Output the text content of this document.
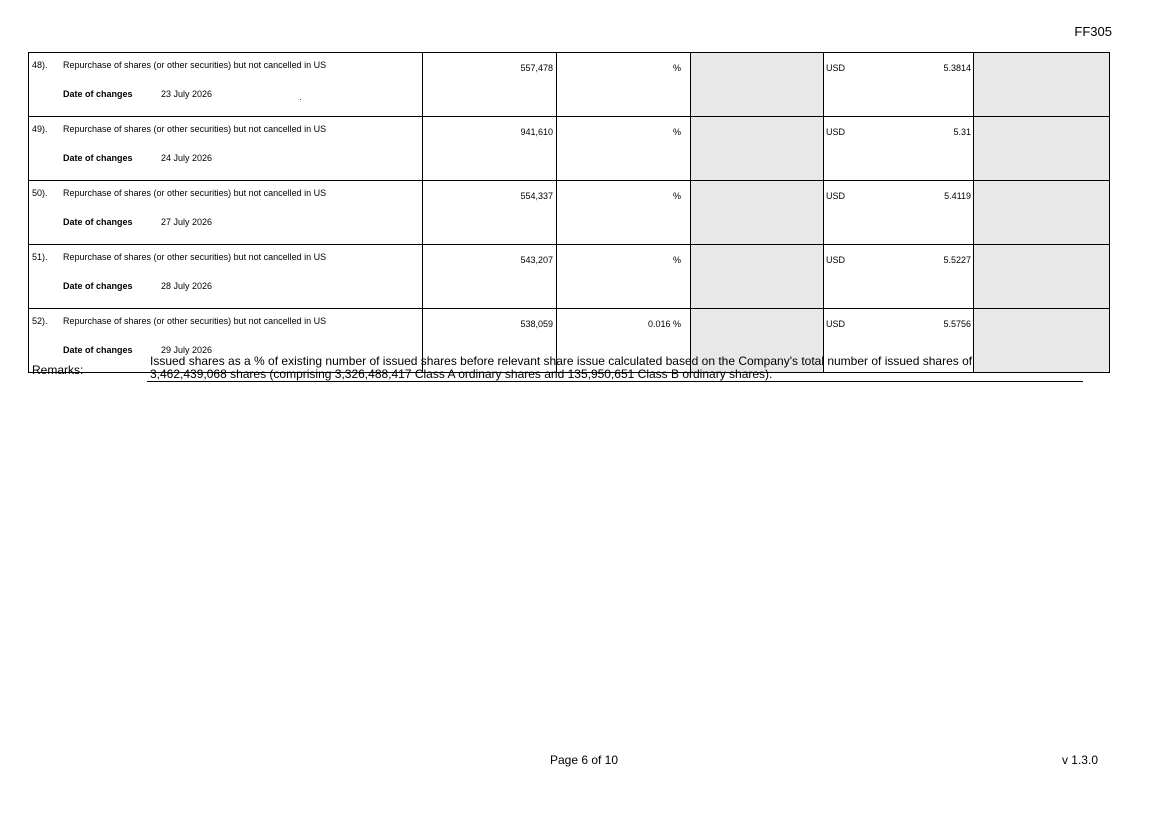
FF305
48). Repurchase of shares (or other securities) but not cancelled in US
Date of changes 23 July 2026	557,478	%		USD 5.3814	

49). Repurchase of shares (or other securities) but not cancelled in US
Date of changes 24 July 2026	941,610	%		USD 5.31	

50). Repurchase of shares (or other securities) but not cancelled in US
Date of changes 27 July 2026	554,337	%		USD 5.4119	

51). Repurchase of shares (or other securities) but not cancelled in US
Date of changes 28 July 2026	543,207	%		USD 5.5227	

52). Repurchase of shares (or other securities) but not cancelled in US
Date of changes 29 July 2026	538,059	0.016 %		USD 5.5756	

Remarks:
Issued shares as a % of existing number of issued shares before relevant share issue calculated based on the Company's total number of issued shares of
3,462,439,068 shares (comprising 3,326,488,417 Class A ordinary shares and 135,950,651 Class B ordinary shares).
Page 6 of 10	v 1.3.0
